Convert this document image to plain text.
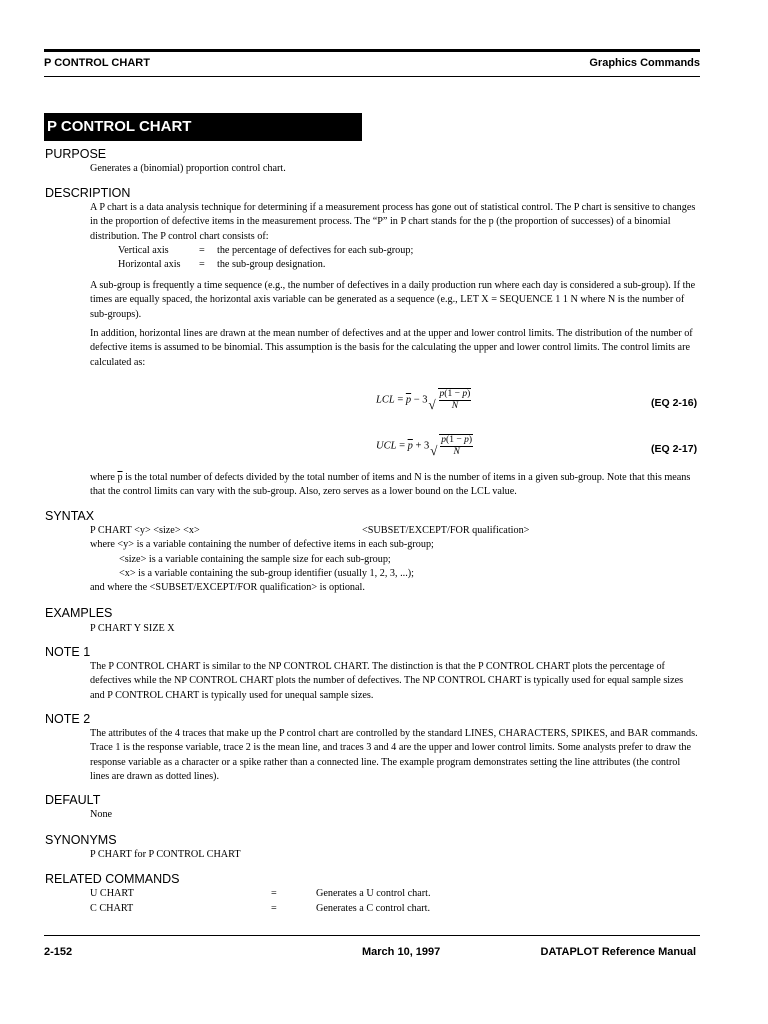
P CONTROL CHART	Graphics Commands
P CONTROL CHART
PURPOSE
Generates a (binomial) proportion control chart.
DESCRIPTION
A P chart is a data analysis technique for determining if a measurement process has gone out of statistical control. The P chart is sensitive to changes in the proportion of defective items in the measurement process. The “P” in P chart stands for the p (the proportion of successes) of a binomial distribution. The P control chart consists of:
Vertical axis	= the percentage of defectives for each sub-group;
Horizontal axis = the sub-group designation.
A sub-group is frequently a time sequence (e.g., the number of defectives in a daily production run where each day is considered a sub-group). If the times are equally spaced, the horizontal axis variable can be generated as a sequence (e.g., LET X = SEQUENCE 1 1 N where N is the number of sub-groups).
In addition, horizontal lines are drawn at the mean number of defectives and at the upper and lower control limits. The distribution of the number of defective items is assumed to be binomial. This assumption is the basis for the calculating the upper and lower control limits. The control limits are calculated as:
LCL = $\overline{p} - 3$ √ $\frac{\overline{p}(1 - \overline{p})}{N}$	(EQ 2-16)
UCL = $\overline{p} + 3$ √ $\frac{\overline{p}(1 - \overline{p})}{N}$	(EQ 2-17)
where $\overline{p}$ is the total number of defects divided by the total number of items and N is the number of items in a given sub-group. Note that this means that the control limits can vary with the sub-group. Also, zero serves as a lower bound on the LCL value.
SYNTAX
P CHART <y> <size> <x>	<SUBSET/EXCEPT/FOR qualification>
where <y> is a variable containing the number of defective items in each sub-group;
<size> is a variable containing the sample size for each sub-group;
<x> is a variable containing the sub-group identifier (usually 1, 2, 3, ...);
and where the <SUBSET/EXCEPT/FOR qualification> is optional.
EXAMPLES
P CHART Y SIZE X
NOTE 1
The P CONTROL CHART is similar to the NP CONTROL CHART. The distinction is that the P CONTROL CHART plots the percentage of defectives while the NP CONTROL CHART plots the number of defectives. The NP CONTROL CHART is typically used for equal sample sizes and P CONTROL CHART is typically used for unequal sample sizes.
NOTE 2
The attributes of the 4 traces that make up the P control chart are controlled by the standard LINES, CHARACTERS, SPIKES, and BAR commands. Trace 1 is the response variable, trace 2 is the mean line, and traces 3 and 4 are the upper and lower control limits. Some analysts prefer to draw the response variable as a character or a spike rather than a connected line. The example program demonstrates setting the line attributes (the control lines are drawn as dotted lines).
DEFAULT
None
SYNONYMS
P CHART for P CONTROL CHART
RELATED COMMANDS
U CHART	=	Generates a U control chart.
C CHART	=	Generates a C control chart.
2-152	March 10, 1997	DATAPLOT Reference Manual
